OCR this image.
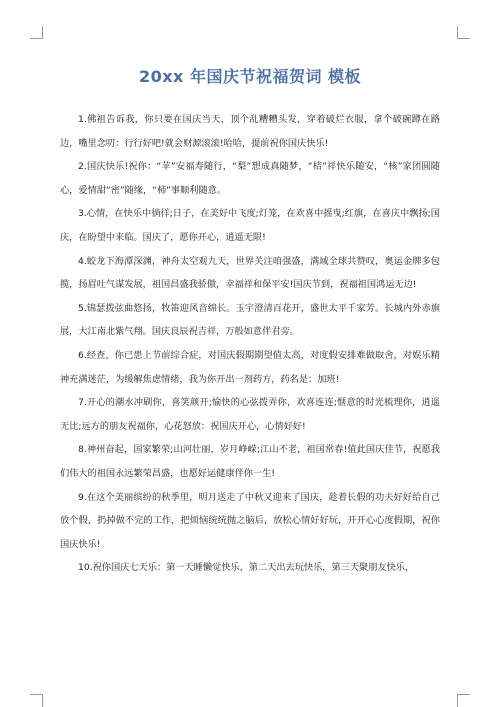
20xx 年国庆节祝福贺词 模板

1.佛祖告诉我，你只要在国庆当天，顶个乱糟糟头发，穿着破烂衣服，拿个破碗蹲在路边，嘴里念叨：行行好吧!就会财源滚滚!哈哈，提前祝你国庆快乐!

2.国庆快乐!祝你：“苹”安福寿随行，“梨”想成真随梦，“桔”祥快乐随安，“核”家团圆随心，爱情甜“密”随缘，“柿”事顺利随意。

3.心情，在快乐中徜徉;日子，在美好中飞度;灯笼，在欢喜中摇曳;红旗，在喜庆中飘扬;国庆，在盼望中来临。国庆了，愿你开心，逍遥无限!

4.蛟龙下海潭深渊，神舟太空观九天，世界关注咱强盛，满域全球共赞叹，奥运金牌多包揽，扬眉吐气谋发展，祖国昌盛我骄傲，幸福祥和保平安!国庆节到，祝福祖国鸿运无边!

5.锦瑟拨弦曲悠扬，牧笛迎风音绵长。玉宇澄清百花开，盛世太平千家芳。长城内外赤旗展，大江南北紫气翔。国庆良辰祝吉祥，万般如意伴君旁。

6.经查，你已患上节前综合症，对国庆假期期望值太高，对度假安排难做取舍，对娱乐精神充满迷茫，为缓解焦虑情绪，我为你开出一剂药方，药名是：加班!

7.开心的潮水冲刷你，喜笑颜开;愉快的心弦拨弄你，欢喜连连;惬意的时光梳理你，逍遥无比;远方的朋友祝福你，心花怒放：祝国庆开心，心情好好!

8.神州奋起，国家繁荣;山河壮丽，岁月峥嵘;江山不老，祖国常春!值此国庆佳节，祝愿我们伟大的祖国永远繁荣昌盛，也愿好运健康伴你一生!

9.在这个美丽缤纷的秋季里，明月送走了中秋又迎来了国庆，趁着长假的功夫好好给自己放个假，扔掉做不完的工作，把烦恼统统抛之脑后，放松心情好好玩，开开心心度假期，祝你国庆快乐!

10.祝你国庆七天乐：第一天睡懒觉快乐，第二天出去玩快乐，第三天聚朋友快乐，
